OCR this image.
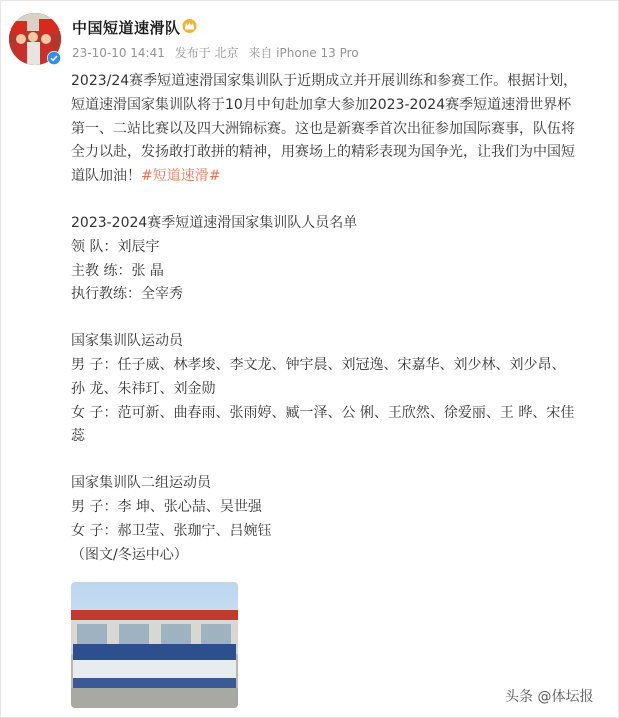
中国短道速滑队
23-10-10 14:41 发布于 北京 来自 iPhone 13 Pro
2023/24赛季短道速滑国家集训队于近期成立并开展训练和参赛工作。根据计划，
短道速滑国家集训队将于10月中旬赴加拿大参加2023-2024赛季短道速滑世界杯
第一、二站比赛以及四大洲锦标赛。这也是新赛季首次出征参加国际赛事，队伍将
全力以赴，发扬敢打敢拼的精神，用赛场上的精彩表现为国争光，让我们为中国短
道队加油！#短道速滑#
2023-2024赛季短道速滑国家集训队人员名单
领 队：刘辰宇
主教 练：张 晶
执行教练：全宰秀
国家集训队运动员
男 子：任子威、林孝埈、李文龙、钟宇晨、刘冠逸、宋嘉华、刘少林、刘少昂、
孙 龙、朱祎玎、刘金勋
女 子：范可新、曲春雨、张雨婷、臧一泽、公 俐、王欣然、徐爱丽、王 晔、宋佳
蕊
国家集训队二组运动员
男 子：李 坤、张心喆、吴世强
女 子：郝卫莹、张珈宁、吕婉钰
（图文/冬运中心）
头条 @体坛报
